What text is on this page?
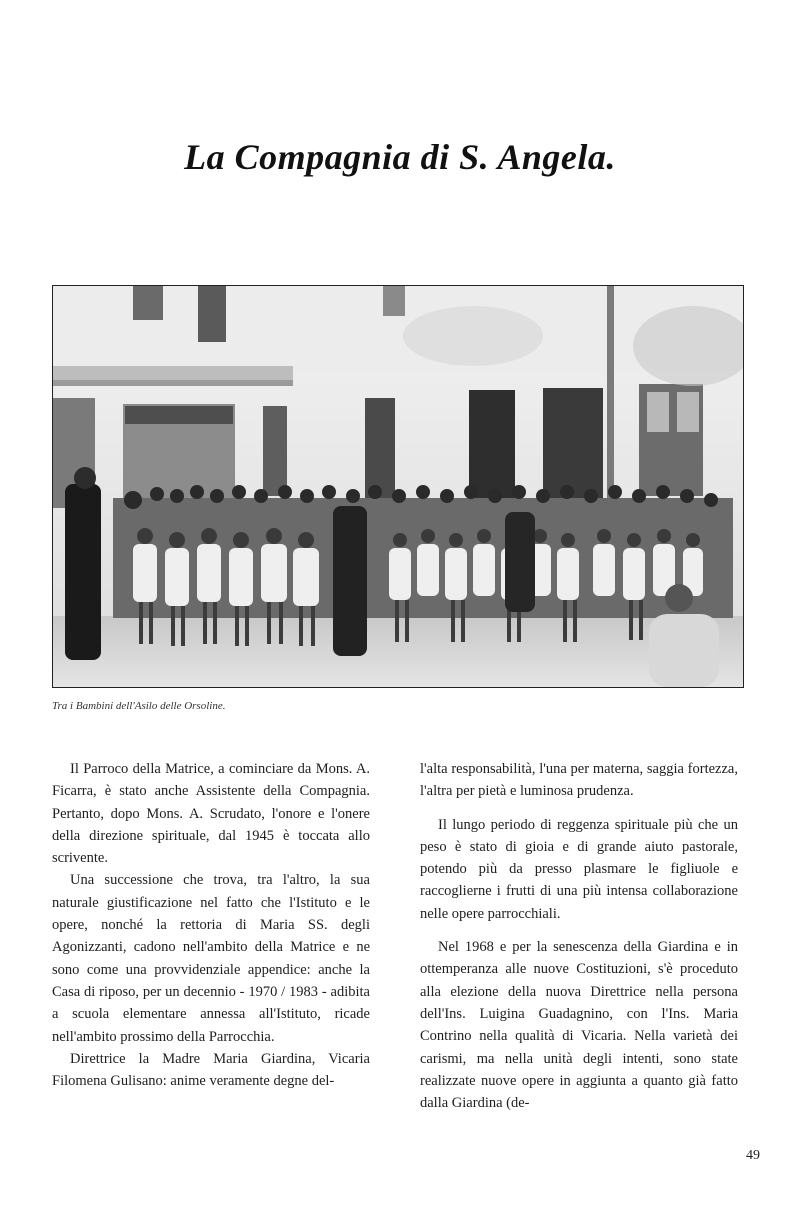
La Compagnia di S. Angela.

Tra i Bambini dell'Asilo delle Orsoline.

Il Parroco della Matrice, a cominciare da Mons. A. Ficarra, è stato anche Assistente della Compagnia. Pertanto, dopo Mons. A. Scrudato, l'onore e l'onere della direzione spirituale, dal 1945 è toccata allo scrivente.

Una successione che trova, tra l'altro, la sua naturale giustificazione nel fatto che l'Istituto e le opere, nonché la rettoria di Maria SS. degli Agonizzanti, cadono nell'ambito della Matrice e ne sono come una provvidenziale appendice: anche la Casa di riposo, per un decennio - 1970 / 1983 - adibita a scuola elementare annessa all'Istituto, ricade nell'ambito prossimo della Parrocchia.

Direttrice la Madre Maria Giardina, Vicaria Filomena Gulisano: anime veramente degne del-

l'alta responsabilità, l'una per materna, saggia fortezza, l'altra per pietà e luminosa prudenza.

Il lungo periodo di reggenza spirituale più che un peso è stato di gioia e di grande aiuto pastorale, potendo più da presso plasmare le figliuole e raccoglierne i frutti di una più intensa collaborazione nelle opere parrocchiali.

Nel 1968 e per la senescenza della Giardina e in ottemperanza alle nuove Costituzioni, s'è proceduto alla elezione della nuova Direttrice nella persona dell'Ins. Luigina Guadagnino, con l'Ins. Maria Contrino nella qualità di Vicaria. Nella varietà dei carismi, ma nella unità degli intenti, sono state realizzate nuove opere in aggiunta a quanto già fatto dalla Giardina (de-

49
